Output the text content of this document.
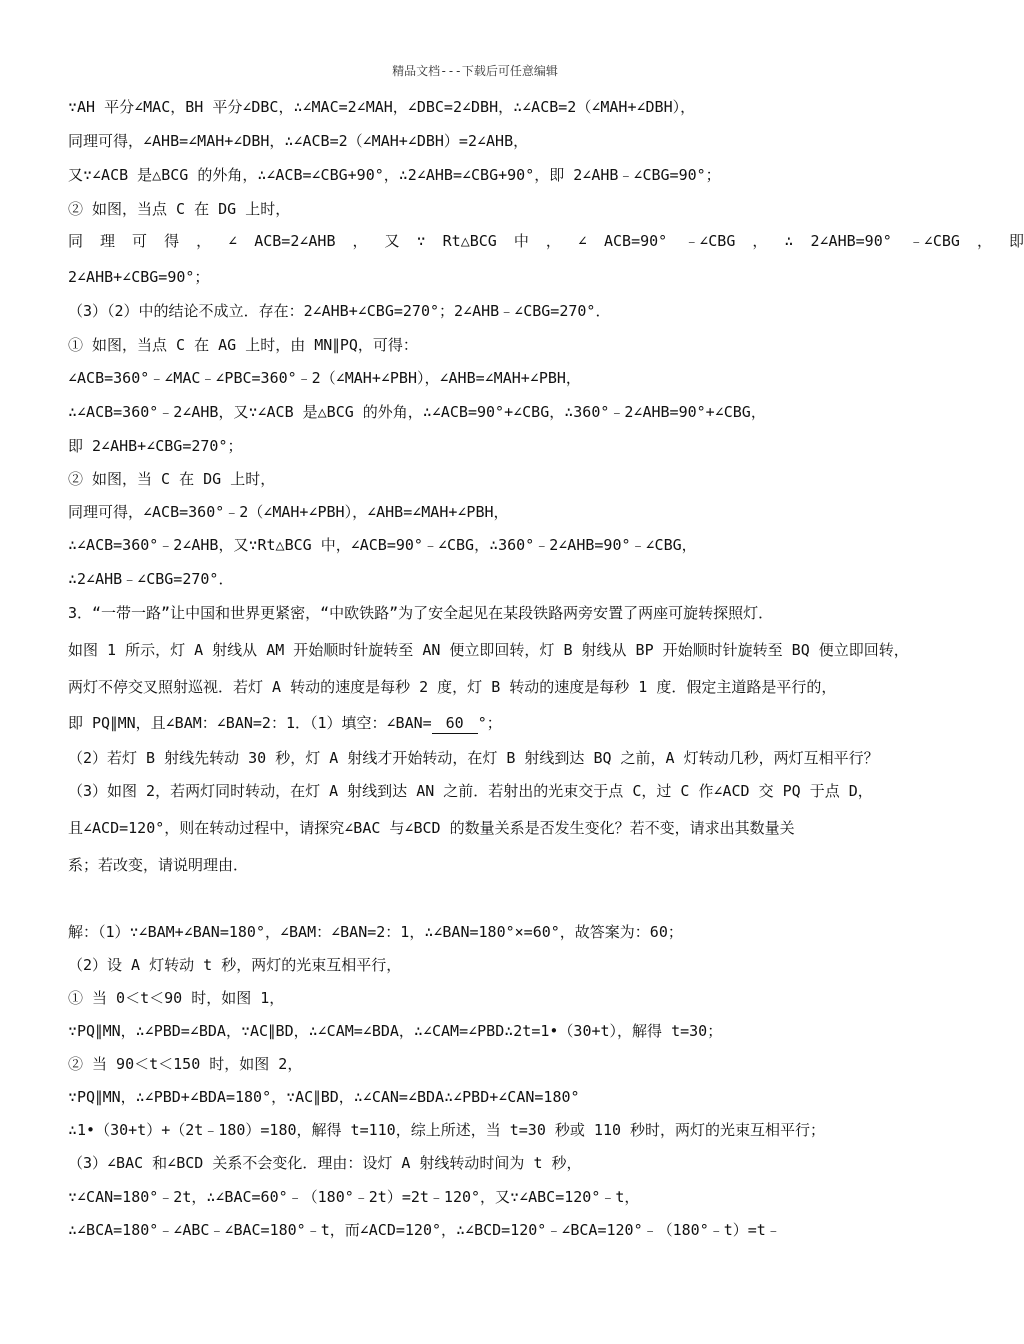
精品文档---下载后可任意编辑
∵AH 平分∠MAC，BH 平分∠DBC，∴∠MAC=2∠MAH，∠DBC=2∠DBH，∴∠ACB=2（∠MAH+∠DBH），
同理可得，∠AHB=∠MAH+∠DBH，∴∠ACB=2（∠MAH+∠DBH）=2∠AHB，
又∵∠ACB 是△BCG 的外角，∴∠ACB=∠CBG+90°，∴2∠AHB=∠CBG+90°，即 2∠AHB﹣∠CBG=90°；
② 如图，当点 C 在 DG 上时，
同 理 可 得 ， ∠ ACB=2∠AHB ， 又 ∵ Rt△BCG 中 ， ∠ ACB=90° ﹣∠CBG ， ∴ 2∠AHB=90° ﹣∠CBG ， 即
2∠AHB+∠CBG=90°；
（3）（2）中的结论不成立．存在：2∠AHB+∠CBG=270°；2∠AHB﹣∠CBG=270°．
① 如图，当点 C 在 AG 上时，由 MN∥PQ，可得：
∠ACB=360°﹣∠MAC﹣∠PBC=360°﹣2（∠MAH+∠PBH），∠AHB=∠MAH+∠PBH，
∴∠ACB=360°﹣2∠AHB，又∵∠ACB 是△BCG 的外角，∴∠ACB=90°+∠CBG，∴360°﹣2∠AHB=90°+∠CBG，
即 2∠AHB+∠CBG=270°；
② 如图，当 C 在 DG 上时，
同理可得，∠ACB=360°﹣2（∠MAH+∠PBH），∠AHB=∠MAH+∠PBH，
∴∠ACB=360°﹣2∠AHB，又∵Rt△BCG 中，∠ACB=90°﹣∠CBG，∴360°﹣2∠AHB=90°﹣∠CBG，
∴2∠AHB﹣∠CBG=270°．
3．“一带一路”让中国和世界更紧密，“中欧铁路”为了安全起见在某段铁路两旁安置了两座可旋转探照灯．
如图 1 所示，灯 A 射线从 AM 开始顺时针旋转至 AN 便立即回转，灯 B 射线从 BP 开始顺时针旋转至 BQ 便立即回转，
两灯不停交叉照射巡视．若灯 A 转动的速度是每秒 2 度，灯 B 转动的速度是每秒 1 度．假定主道路是平行的，
即 PQ∥MN，且∠BAM：∠BAN=2：1．（1）填空：∠BAN= 60 °；
（2）若灯 B 射线先转动 30 秒，灯 A 射线才开始转动，在灯 B 射线到达 BQ 之前，A 灯转动几秒，两灯互相平行？
（3）如图 2，若两灯同时转动，在灯 A 射线到达 AN 之前．若射出的光束交于点 C，过 C 作∠ACD 交 PQ 于点 D，
且∠ACD=120°，则在转动过程中，请探究∠BAC 与∠BCD 的数量关系是否发生变化？若不变，请求出其数量关
系；若改变，请说明理由．
解：（1）∵∠BAM+∠BAN=180°，∠BAM：∠BAN=2：1，∴∠BAN=180°×=60°，故答案为：60；
（2）设 A 灯转动 t 秒，两灯的光束互相平行，
① 当 0＜t＜90 时，如图 1，
∵PQ∥MN，∴∠PBD=∠BDA，∵AC∥BD，∴∠CAM=∠BDA，∴∠CAM=∠PBD∴2t=1•（30+t），解得 t=30；
② 当 90＜t＜150 时，如图 2，
∵PQ∥MN，∴∠PBD+∠BDA=180°，∵AC∥BD，∴∠CAN=∠BDA∴∠PBD+∠CAN=180°
∴1•（30+t）+（2t﹣180）=180，解得 t=110，综上所述，当 t=30 秒或 110 秒时，两灯的光束互相平行；
（3）∠BAC 和∠BCD 关系不会变化．理由：设灯 A 射线转动时间为 t 秒，
∵∠CAN=180°﹣2t，∴∠BAC=60°﹣（180°﹣2t）=2t﹣120°，又∵∠ABC=120°﹣t，
∴∠BCA=180°﹣∠ABC﹣∠BAC=180°﹣t，而∠ACD=120°，∴∠BCD=120°﹣∠BCA=120°﹣（180°﹣t）=t﹣
